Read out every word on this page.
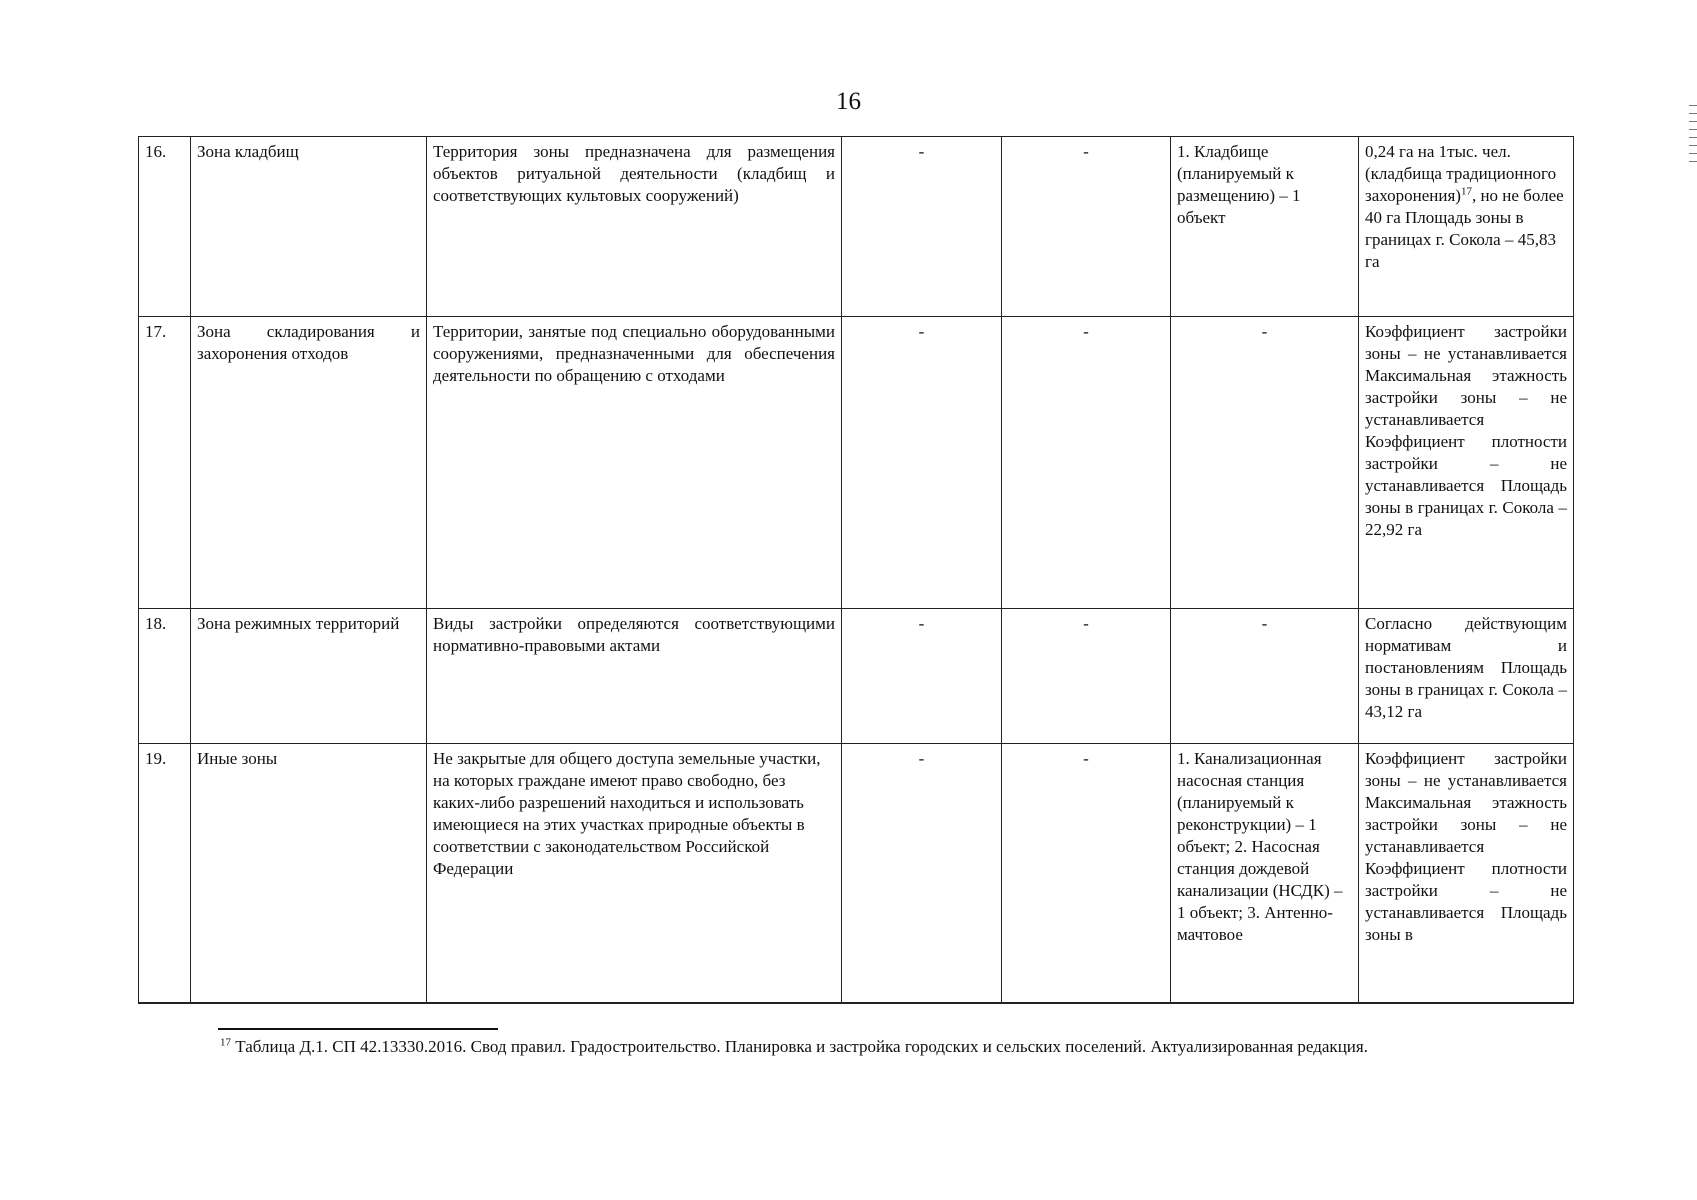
16
16.	Зона кладбищ	Территория зоны предназначена для размещения объектов ритуальной деятельности (кладбищ и соответствующих культовых сооружений)	-	-	1. Кладбище (планируемый к размещению) – 1 объект	0,24 га на 1тыс. чел. (кладбища традиционного захоронения)$^{17}$, но не более 40 га Площадь зоны в границах г. Сокола – 45,83 га
17.	Зона складирования и захоронения отходов	Территории, занятые под специально оборудованными сооружениями, предназначенными для обеспечения деятельности по обращению с отходами	-	-	-	Коэффициент застройки зоны – не устанавливается Максимальная этажность застройки зоны – не устанавливается Коэффициент плотности застройки – не устанавливается Площадь зоны в границах г. Сокола – 22,92 га
18.	Зона режимных территорий	Виды застройки определяются соответствующими нормативно-правовыми актами	-	-	-	Согласно действующим нормативам и постановлениям Площадь зоны в границах г. Сокола – 43,12 га
19.	Иные зоны	Не закрытые для общего доступа земельные участки, на которых граждане имеют право свободно, без каких-либо разрешений находиться и использовать имеющиеся на этих участках природные объекты в соответствии с законодательством Российской Федерации	-	-	1. Канализационная насосная станция (планируемый к реконструкции) – 1 объект; 2. Насосная станция дождевой канализации (НСДК) – 1 объект; 3. Антенно-мачтовое	Коэффициент застройки зоны – не устанавливается Максимальная этажность застройки зоны – не устанавливается Коэффициент плотности застройки – не устанавливается Площадь зоны в
$^{17}$ Таблица Д.1. СП 42.13330.2016. Свод правил. Градостроительство. Планировка и застройка городских и сельских поселений. Актуализированная редакция.
